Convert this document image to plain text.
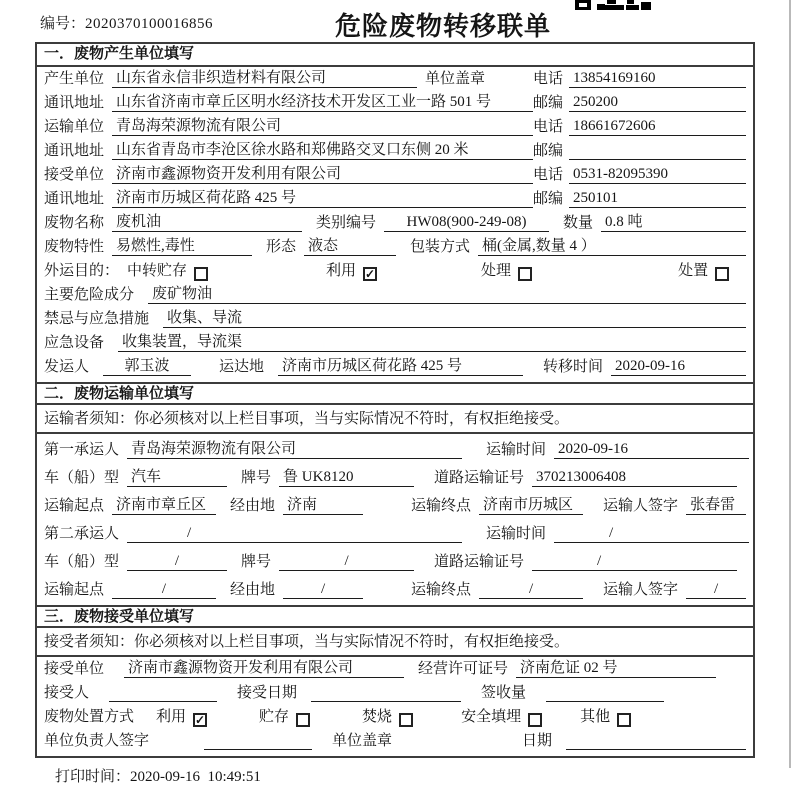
编号：2020370100016856	危险废物转移联单
一．废物产生单位填写
产生单位 山东省永信非织造材料有限公司	单位盖章	电话 13854169160
通讯地址 山东省济南市章丘区明水经济技术开发区工业一路 501 号	邮编 250200
运输单位 青岛海荣源物流有限公司	电话 18661672606
通讯地址 山东省青岛市李沧区徐水路和郑佛路交叉口东侧 20 米	邮编
接受单位 济南市鑫源物资开发利用有限公司	电话 0531-82095390
通讯地址 济南市历城区荷花路 425 号	邮编 250101
废物名称 废机油	类别编号	HW08(900-249-08)	数量 0.8 吨
废物特性 易燃性,毒性	形态 液态	包装方式 桶(金属,数量 4 ）
外运目的： 中转贮存	利用 ✓	处理	处置
主要危险成分 废矿物油
禁忌与应急措施 收集、导流
应急设备 收集装置，导流渠
发运人	郭玉波	运达地 济南市历城区荷花路 425 号	转移时间 2020-09-16
二．废物运输单位填写
运输者须知：你必须核对以上栏目事项，当与实际情况不符时，有权拒绝接受。
第一承运人 青岛海荣源物流有限公司	运输时间 2020-09-16
车（船）型 汽车	牌号 鲁 UK8120	道路运输证号 370213006408
运输起点 济南市章丘区	经由地 济南	运输终点 济南市历城区	运输人签字 张春雷
第二承运人	/	运输时间	/
车（船）型	/	牌号	/	道路运输证号	/
运输起点	/	经由地	/	运输终点	/	运输人签字	/
三．废物接受单位填写
接受者须知：你必须核对以上栏目事项，当与实际情况不符时，有权拒绝接受。
接受单位 济南市鑫源物资开发利用有限公司	经营许可证号 济南危证 02 号
接受人	接受日期	签收量
废物处置方式 利用 ✓	贮存	焚烧	安全填埋	其他
单位负责人签字	单位盖章	日期

打印时间：2020-09-16  10:49:51
